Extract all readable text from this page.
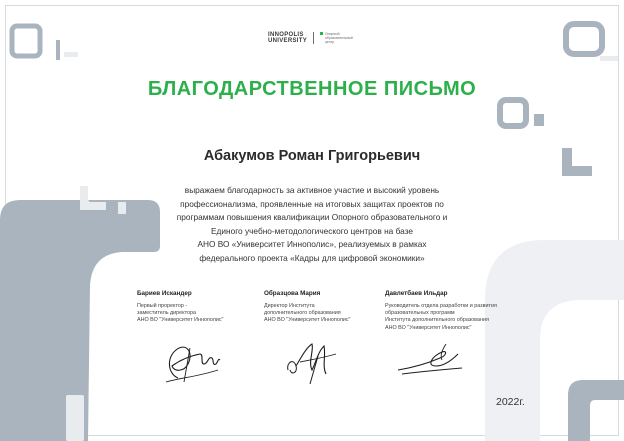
INNOPOLIS
UNIVERSITY
Опорный образовательный центр
БЛАГОДАРСТВЕННОЕ ПИСЬМО
Абакумов Роман Григорьевич
выражаем благодарность за активное участие и высокий уровень
профессионализма, проявленные на итоговых защитах проектов по
программам повышения квалификации Опорного образовательного и
Единого учебно-методологического центров на базе
АНО ВО «Университет Иннополис», реализуемых в рамках
федерального проекта «Кадры для цифровой экономики»
Бариев Искандер
Первый проректор -
заместитель директора
АНО ВО "Университет Иннополис"
Образцова Мария
Директор Института
дополнительного образования
АНО ВО "Университет Иннополис"
Давлетбаев Ильдар
Руководитель отдела разработки и развития
образовательных программ
Института дополнительного образования
АНО ВО "Университет Иннополис"
2022г.
